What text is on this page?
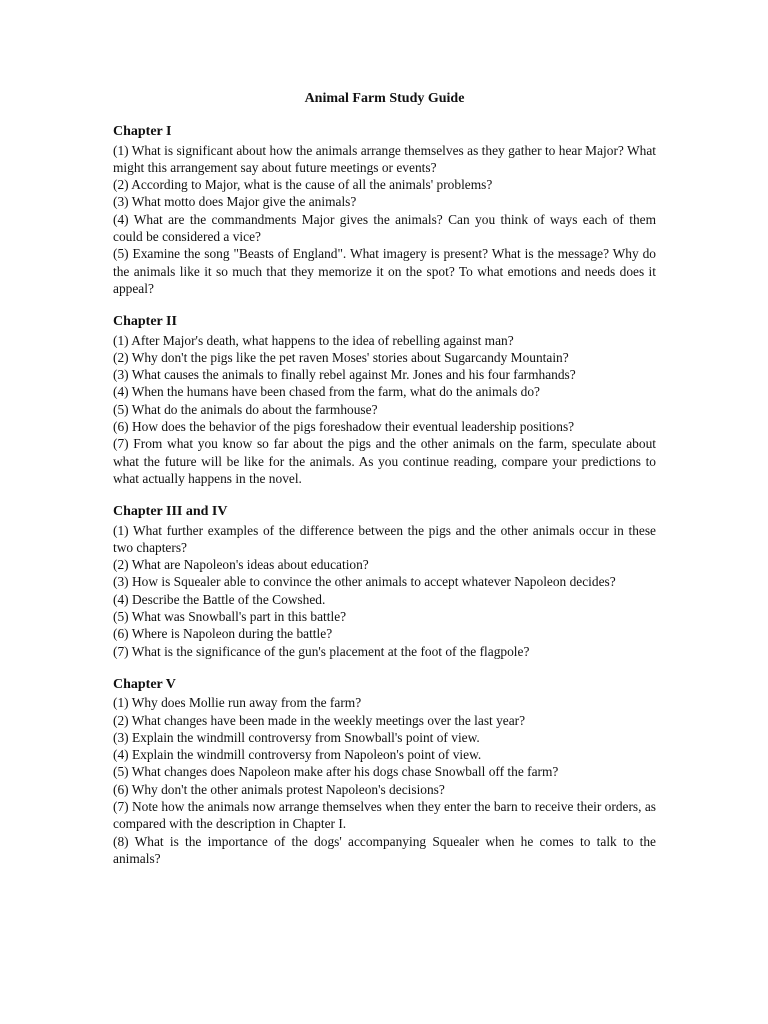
Animal Farm Study Guide
Chapter I

(1) What is significant about how the animals arrange themselves as they gather to hear Major? What might this arrangement say about future meetings or events?

(2) According to Major, what is the cause of all the animals' problems?

(3) What motto does Major give the animals?

(4) What are the commandments Major gives the animals? Can you think of ways each of them could be considered a vice?

(5) Examine the song "Beasts of England". What imagery is present? What is the message? Why do the animals like it so much that they memorize it on the spot? To what emotions and needs does it appeal?

Chapter II

(1) After Major's death, what happens to the idea of rebelling against man?

(2) Why don't the pigs like the pet raven Moses' stories about Sugarcandy Mountain?

(3) What causes the animals to finally rebel against Mr. Jones and his four farmhands?

(4) When the humans have been chased from the farm, what do the animals do?

(5) What do the animals do about the farmhouse?

(6) How does the behavior of the pigs foreshadow their eventual leadership positions?

(7) From what you know so far about the pigs and the other animals on the farm, speculate about what the future will be like for the animals. As you continue reading, compare your predictions to what actually happens in the novel.

Chapter III and IV

(1) What further examples of the difference between the pigs and the other animals occur in these two chapters?

(2) What are Napoleon's ideas about education?

(3) How is Squealer able to convince the other animals to accept whatever Napoleon decides?

(4) Describe the Battle of the Cowshed.

(5) What was Snowball's part in this battle?

(6) Where is Napoleon during the battle?

(7) What is the significance of the gun's placement at the foot of the flagpole?

Chapter V

(1) Why does Mollie run away from the farm?

(2) What changes have been made in the weekly meetings over the last year?

(3) Explain the windmill controversy from Snowball's point of view.

(4) Explain the windmill controversy from Napoleon's point of view.

(5) What changes does Napoleon make after his dogs chase Snowball off the farm?

(6) Why don't the other animals protest Napoleon's decisions?

(7) Note how the animals now arrange themselves when they enter the barn to receive their orders, as compared with the description in Chapter I.

(8) What is the importance of the dogs' accompanying Squealer when he comes to talk to the animals?
